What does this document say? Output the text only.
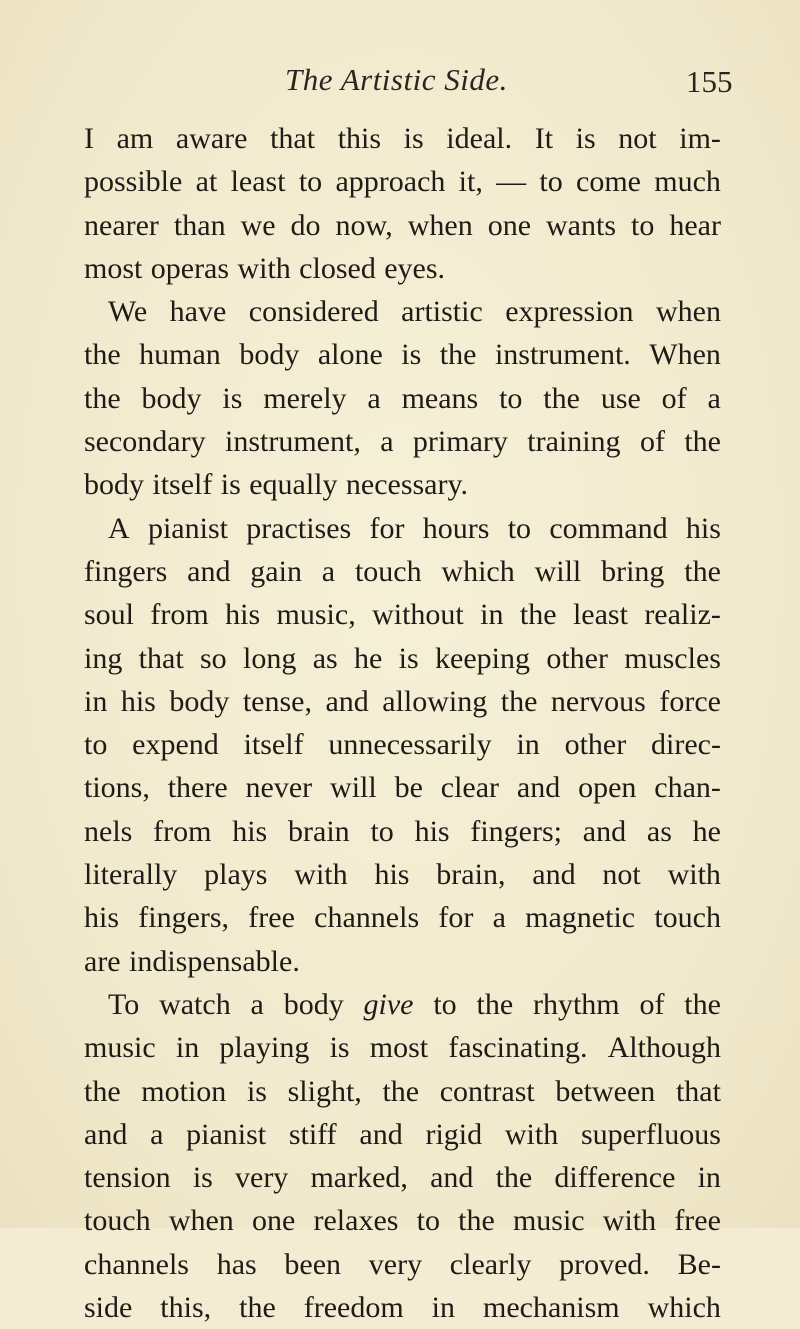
The Artistic Side.	155
I am aware that this is ideal. It is not im-
possible at least to approach it, — to come much
nearer than we do now, when one wants to hear
most operas with closed eyes.
We have considered artistic expression when
the human body alone is the instrument. When
the body is merely a means to the use of a
secondary instrument, a primary training of the
body itself is equally necessary.
A pianist practises for hours to command his
fingers and gain a touch which will bring the
soul from his music, without in the least realiz-
ing that so long as he is keeping other muscles
in his body tense, and allowing the nervous force
to expend itself unnecessarily in other direc-
tions, there never will be clear and open chan-
nels from his brain to his fingers; and as he
literally plays with his brain, and not with
his fingers, free channels for a magnetic touch
are indispensable.
To watch a body give to the rhythm of the
music in playing is most fascinating. Although
the motion is slight, the contrast between that
and a pianist stiff and rigid with superfluous
tension is very marked, and the difference in
touch when one relaxes to the music with free
channels has been very clearly proved. Be-
side this, the freedom in mechanism which
